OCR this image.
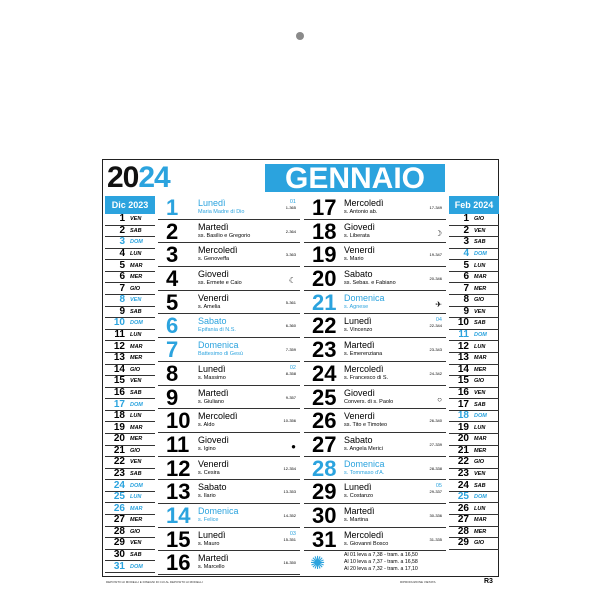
2024	GENNAIO
Dic 2023
1 VEN
2 SAB
3 DOM
4 LUN
5 MAR
6 MER
7 GIO
8 VEN
9 SAB
10 DOM
11 LUN
12 MAR
13 MER
14 GIO
15 VEN
16 SAB
17 DOM
18 LUN
19 MAR
20 MER
21 GIO
22 VEN
23 SAB
24 DOM
25 LUN
26 MAR
27 MER
28 GIO
29 VEN
30 SAB
31 DOM
1 Lunedì
Maria Madre di Dio
01
1-365
2 Martedì
ss. Basilio e Gregorio
2-364
3 Mercoledì
s. Genoveffa
3-363
4 Giovedì
ss. Ermete e Caio	☾
5 Venerdì
s. Amelia
5-361
6 Sabato
Epifania di N.S.
6-360
7 Domenica
Battesimo di Gesù
7-359
8 Lunedì
s. Massimo
02
8-358
9 Martedì
s. Giuliano
9-357
10 Mercoledì
s. Aldo
10-356
11 Giovedì
s. Igino	●
12 Venerdì
s. Cesira
12-354
13 Sabato
s. Ilario
13-353
14 Domenica
s. Felice
14-352
15 Lunedì
s. Mauro
03
15-351
16 Martedì
s. Marcello
16-350
17 Mercoledì
s. Antonio ab.
17-349
18 Giovedì
s. Liberata	☽
19 Venerdì
s. Mario
19-347
20 Sabato
ss. Sebas. e Fabiano
20-346
21 Domenica
s. Agnese	✈
22 Lunedì
s. Vincenzo
04
22-344
23 Martedì
s. Emerenziana
23-343
24 Mercoledì
s. Francesco di S.
24-342
25 Giovedì
Convers. di s. Paolo	○
26 Venerdì
ss. Tito e Timoteo
26-340
27 Sabato
s. Angela Merici
27-339
28 Domenica
s. Tommaso d'A.
28-338
29 Lunedì
s. Costanzo
05
29-337
30 Martedì
s. Martina
30-336
31 Mercoledì
s. Giovanni Bosco
31-335
✺	Al 01 leva a 7,38 - tram. a 16,50
Al 10 leva a 7,37 - tram. a 16,58
Al 20 leva a 7,32 - tram. a 17,10
Feb 2024
1 GIO
2 VEN
3 SAB
4 DOM
5 LUN
6 MAR
7 MER
8 GIO
9 VEN
10 SAB
11 DOM
12 LUN
13 MAR
14 MER
15 GIO
16 VEN
17 SAB
18 DOM
19 LUN
20 MAR
21 MER
22 GIO
23 VEN
24 SAB
25 DOM
26 LUN
27 MAR
28 MER
29 GIO
DEPOSITO AI MODELLI E DISEGNI DI CUI AL DEPOSITO AI MODELLI	RIPRODUZIONE VIETATA	R3
